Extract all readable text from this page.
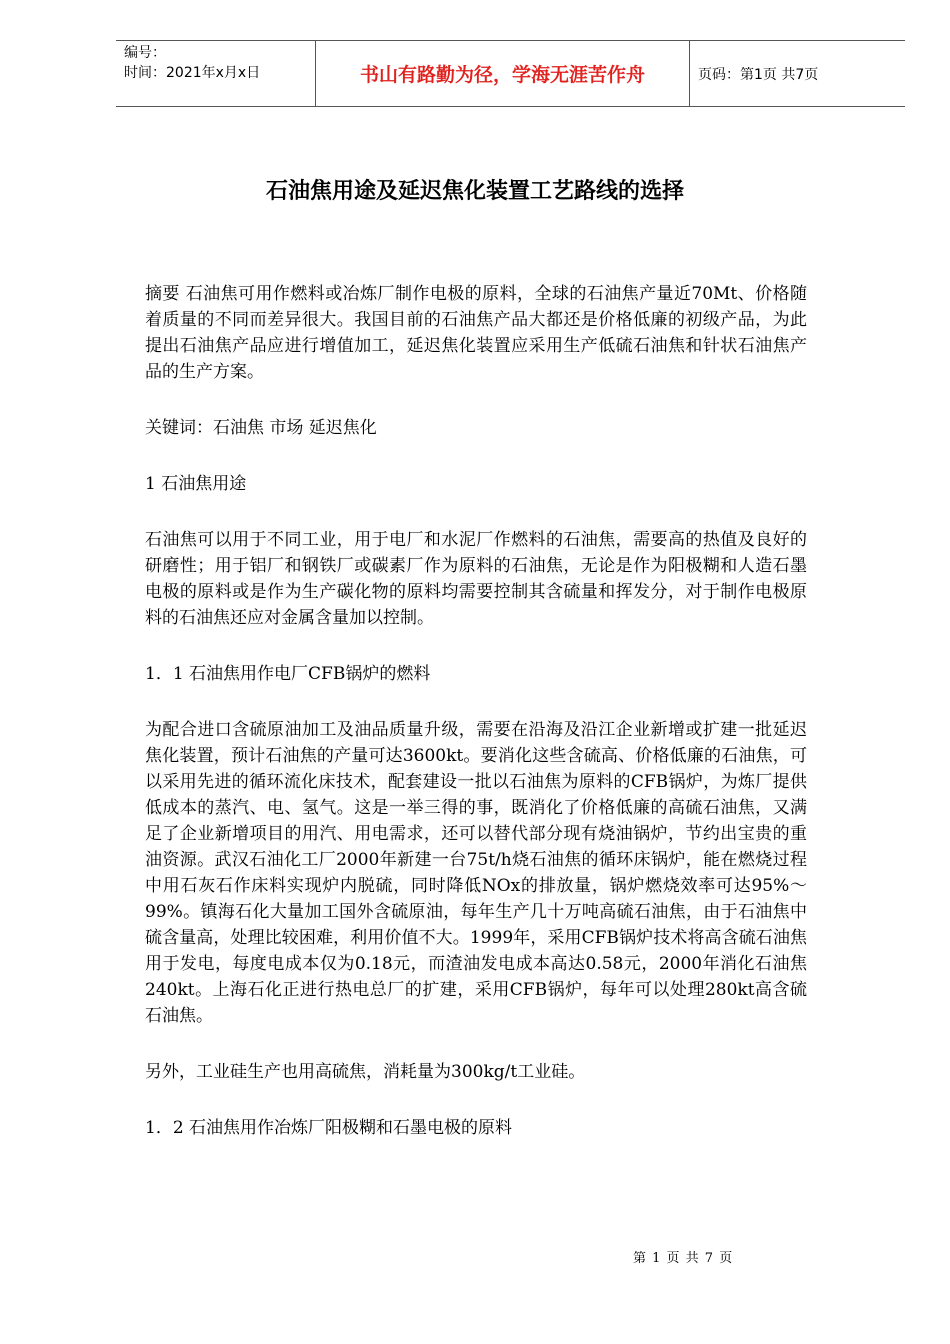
编号：
时间：2021年x月x日	书山有路勤为径，学海无涯苦作舟	页码：第1页 共7页
石油焦用途及延迟焦化装置工艺路线的选择

摘要 石油焦可用作燃料或冶炼厂制作电极的原料，全球的石油焦产量近70Mt、价格随着质量的不同而差异很大。我国目前的石油焦产品大都还是价格低廉的初级产品，为此提出石油焦产品应进行增值加工，延迟焦化装置应采用生产低硫石油焦和针状石油焦产品的生产方案。

关键词：石油焦 市场 延迟焦化

1 石油焦用途

石油焦可以用于不同工业，用于电厂和水泥厂作燃料的石油焦，需要高的热值及良好的研磨性；用于铝厂和钢铁厂或碳素厂作为原料的石油焦，无论是作为阳极糊和人造石墨电极的原料或是作为生产碳化物的原料均需要控制其含硫量和挥发分，对于制作电极原料的石油焦还应对金属含量加以控制。

1．1 石油焦用作电厂CFB锅炉的燃料

为配合进口含硫原油加工及油品质量升级，需要在沿海及沿江企业新增或扩建一批延迟焦化装置，预计石油焦的产量可达3600kt。要消化这些含硫高、价格低廉的石油焦，可以采用先进的循环流化床技术，配套建设一批以石油焦为原料的CFB锅炉，为炼厂提供低成本的蒸汽、电、氢气。这是一举三得的事，既消化了价格低廉的高硫石油焦，又满足了企业新增项目的用汽、用电需求，还可以替代部分现有烧油锅炉，节约出宝贵的重油资源。武汉石油化工厂2000年新建一台75t/h烧石油焦的循环床锅炉，能在燃烧过程中用石灰石作床料实现炉内脱硫，同时降低NOx的排放量，锅炉燃烧效率可达95%～99%。镇海石化大量加工国外含硫原油，每年生产几十万吨高硫石油焦，由于石油焦中硫含量高，处理比较困难，利用价值不大。1999年，采用CFB锅炉技术将高含硫石油焦用于发电，每度电成本仅为0.18元，而渣油发电成本高达0.58元，2000年消化石油焦240kt。上海石化正进行热电总厂的扩建，采用CFB锅炉，每年可以处理280kt高含硫石油焦。

另外，工业硅生产也用高硫焦，消耗量为300kg/t工业硅。

1．2 石油焦用作冶炼厂阳极糊和石墨电极的原料

第 1 页 共 7 页
